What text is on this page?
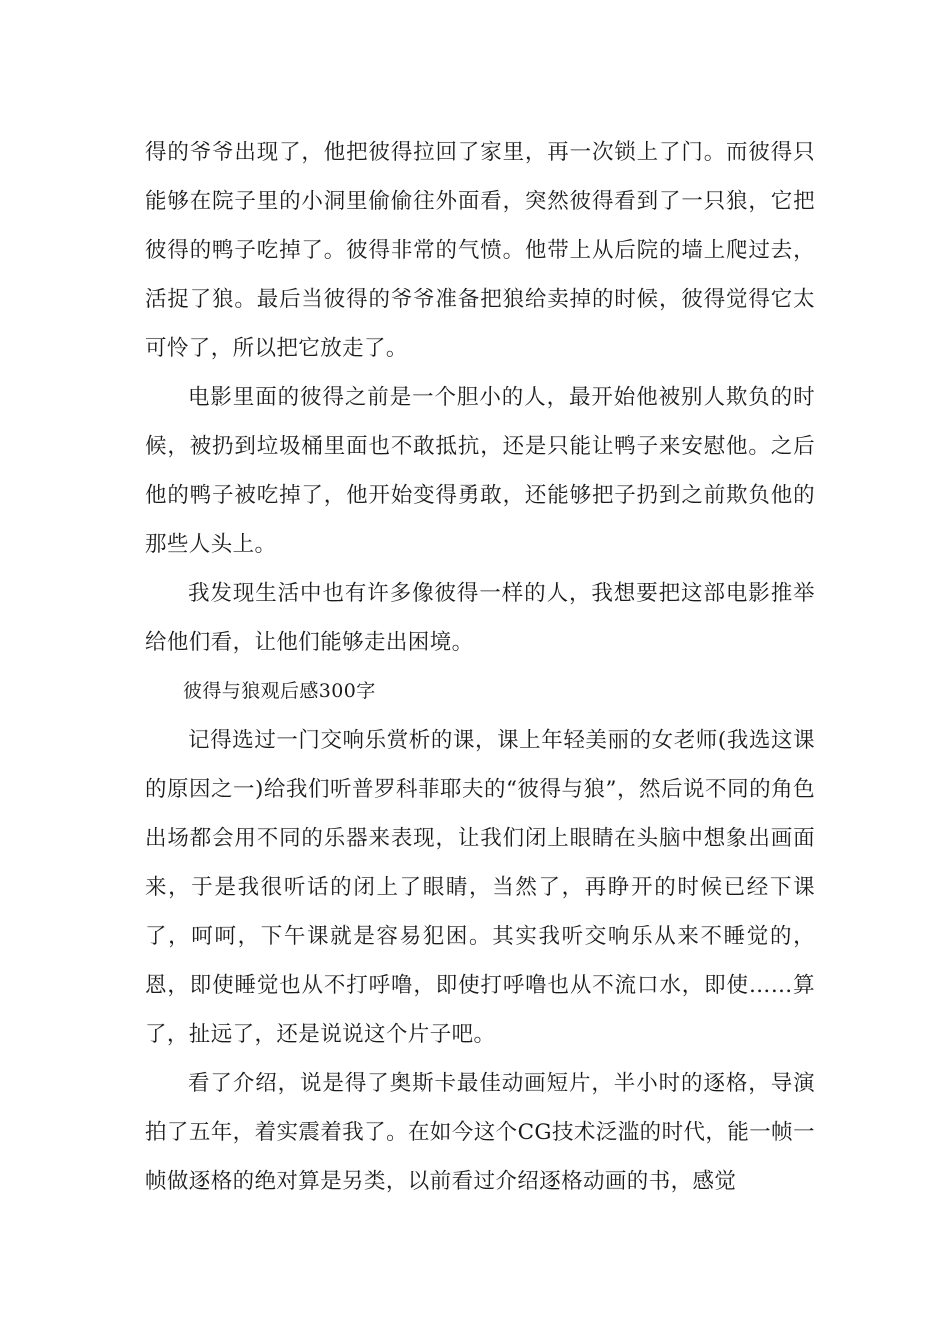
得的爷爷出现了，他把彼得拉回了家里，再一次锁上了门。而彼得只能够在院子里的小洞里偷偷往外面看，突然彼得看到了一只狼，它把彼得的鸭子吃掉了。彼得非常的气愤。他带上从后院的墙上爬过去，活捉了狼。最后当彼得的爷爷准备把狼给卖掉的时候，彼得觉得它太可怜了，所以把它放走了。

电影里面的彼得之前是一个胆小的人，最开始他被别人欺负的时候，被扔到垃圾桶里面也不敢抵抗，还是只能让鸭子来安慰他。之后他的鸭子被吃掉了，他开始变得勇敢，还能够把子扔到之前欺负他的那些人头上。

我发现生活中也有许多像彼得一样的人，我想要把这部电影推举给他们看，让他们能够走出困境。

彼得与狼观后感300字

记得选过一门交响乐赏析的课，课上年轻美丽的女老师(我选这课的原因之一)给我们听普罗科菲耶夫的“彼得与狼”，然后说不同的角色出场都会用不同的乐器来表现，让我们闭上眼睛在头脑中想象出画面来，于是我很听话的闭上了眼睛，当然了，再睁开的时候已经下课了，呵呵，下午课就是容易犯困。其实我听交响乐从来不睡觉的，恩，即使睡觉也从不打呼噜，即使打呼噜也从不流口水，即使……算了，扯远了，还是说说这个片子吧。

看了介绍，说是得了奥斯卡最佳动画短片，半小时的逐格，导演拍了五年，着实震着我了。在如今这个CG技术泛滥的时代，能一帧一帧做逐格的绝对算是另类，以前看过介绍逐格动画的书，感觉
